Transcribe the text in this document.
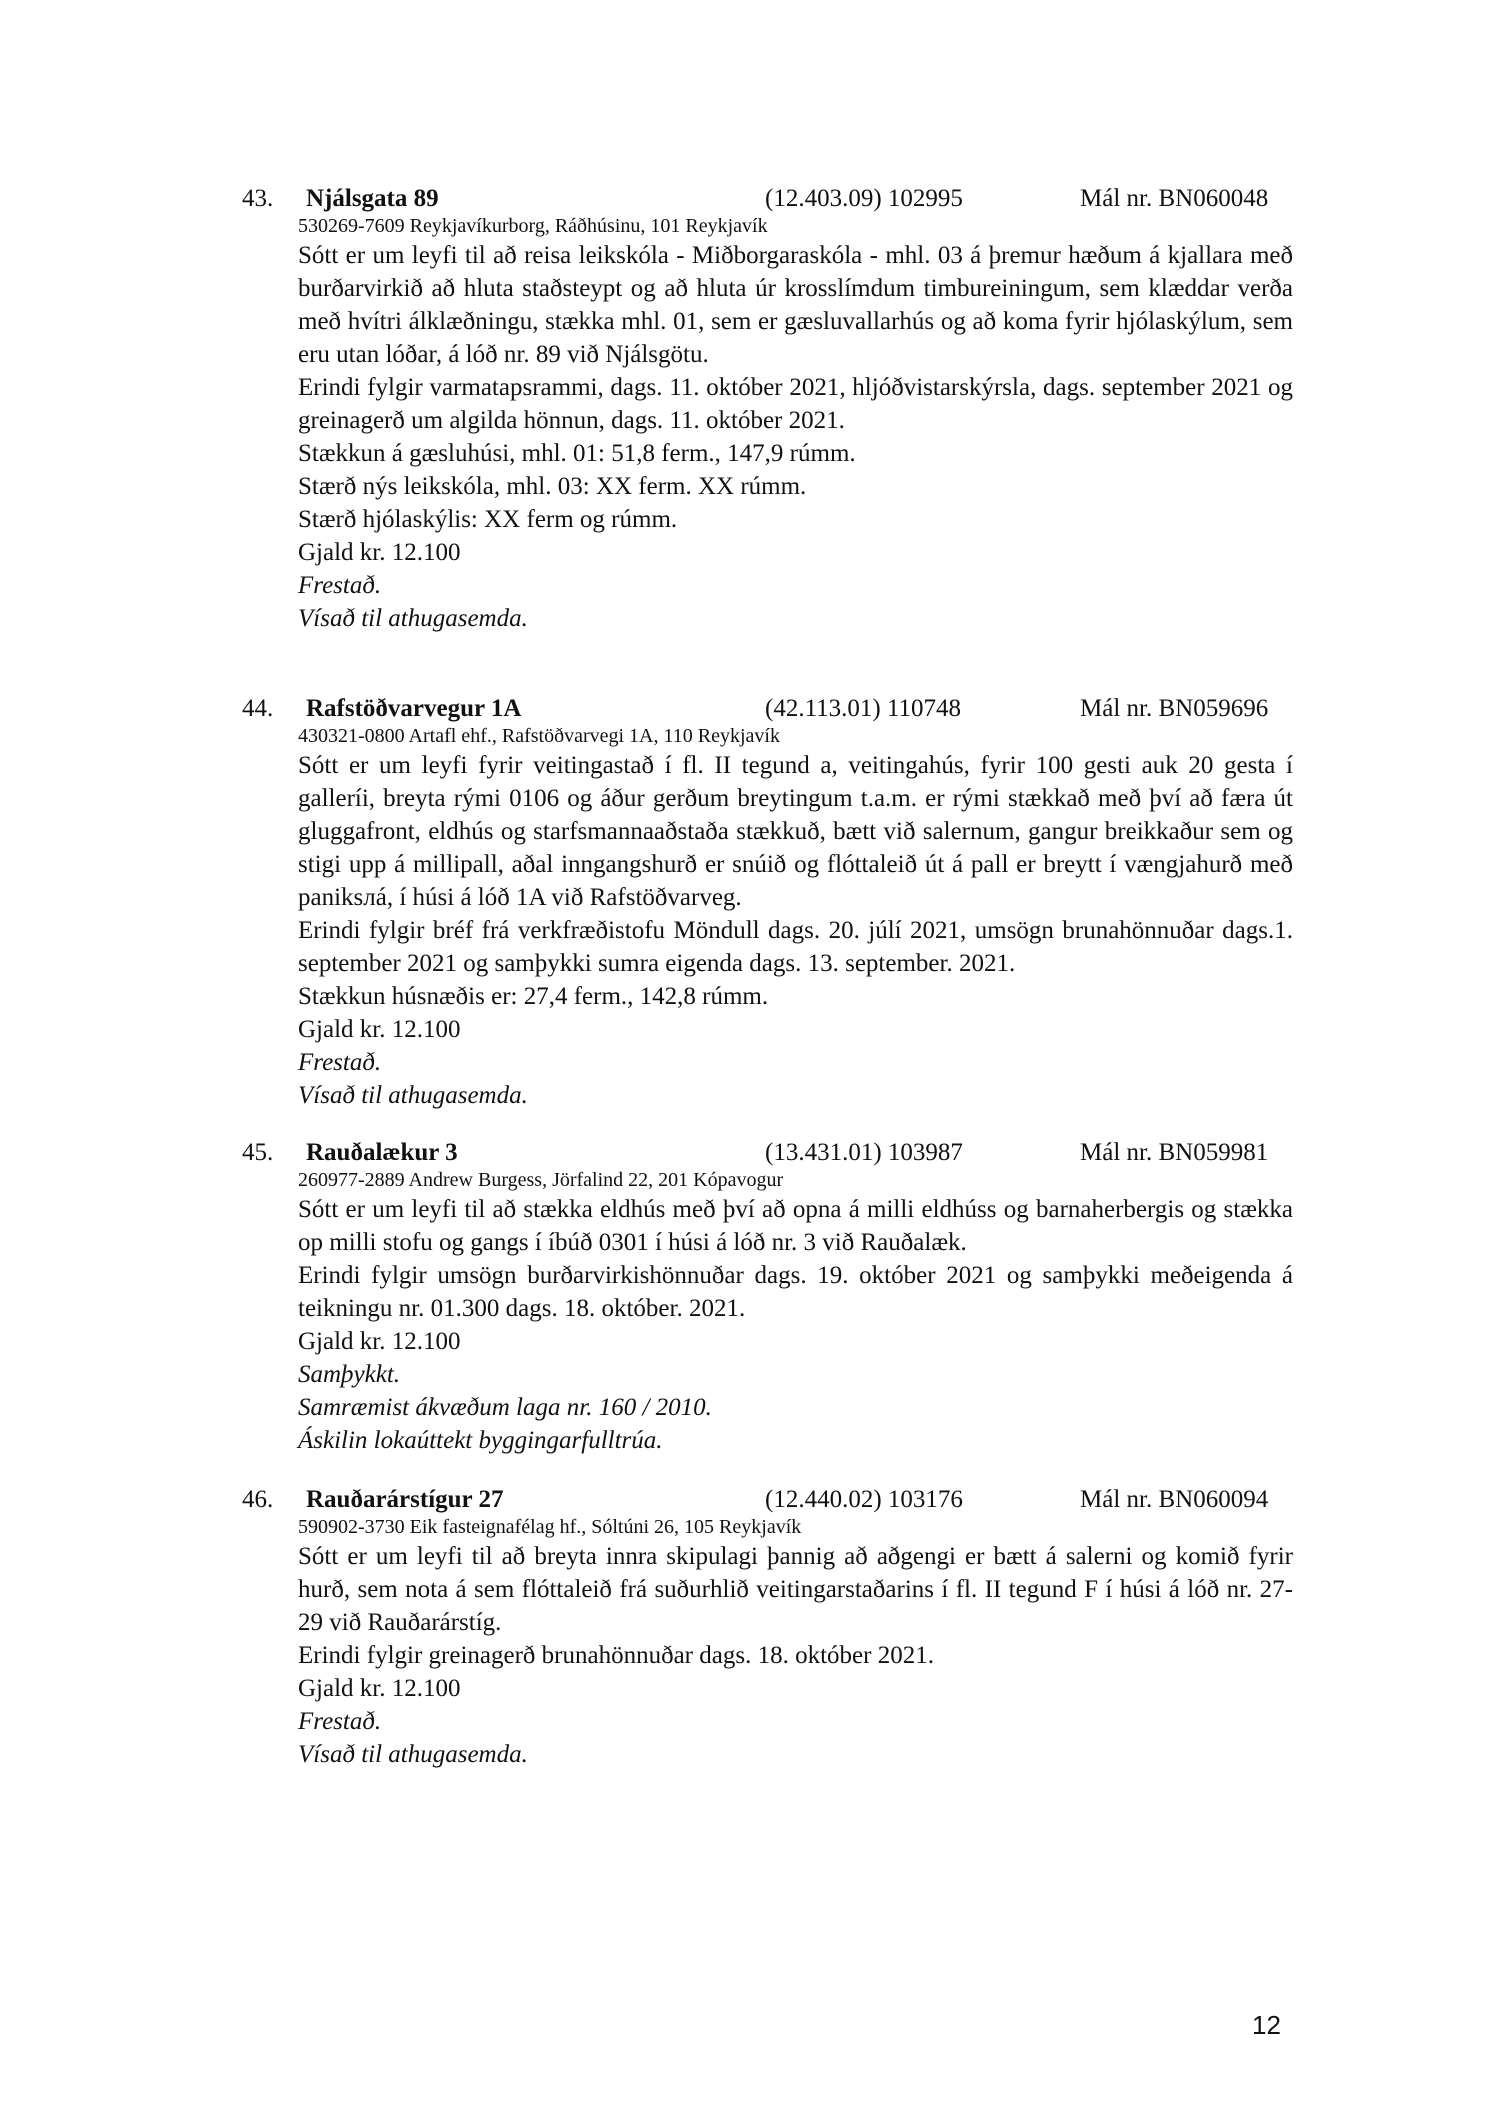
43. Njálsgata 89	(12.403.09) 102995	Mál nr. BN060048

530269-7609 Reykjavíkurborg, Ráðhúsinu, 101 Reykjavík

Sótt er um leyfi til að reisa leikskóla - Miðborgaraskóla - mhl. 03 á þremur hæðum á kjallara með burðarvirkið að hluta staðsteypt og að hluta úr krosslímdum timbureiningum, sem klæddar verða með hvítri álklæðningu, stækka mhl. 01, sem er gæsluvallarhús og að koma fyrir hjólaskýlum, sem eru utan lóðar, á lóð nr. 89 við Njálsgötu.

Erindi fylgir varmatapsrammi, dags. 11. október 2021, hljóðvistarskýrsla, dags. september 2021 og greinagerð um algilda hönnun, dags. 11. október 2021.

Stækkun á gæsluhúsi, mhl. 01: 51,8 ferm., 147,9 rúmm.

Stærð nýs leikskóla, mhl. 03: XX ferm. XX rúmm.

Stærð hjólaskýlis: XX ferm og rúmm.

Gjald kr. 12.100

Frestað.

Vísað til athugasemda.

44. Rafstöðvarvegur 1A	(42.113.01) 110748	Mál nr. BN059696

430321-0800 Artafl ehf., Rafstöðvarvegi 1A, 110 Reykjavík

Sótt er um leyfi fyrir veitingastað í fl. II tegund a, veitingahús, fyrir 100 gesti auk 20 gesta í galleríi, breyta rými 0106 og áður gerðum breytingum t.a.m. er rými stækkað með því að færa út gluggafront, eldhús og starfsmannaaðstaða stækkuð, bætt við salernum, gangur breikkaður sem og stigi upp á millipall, aðal inngangshurð er snúið og flóttaleið út á pall er breytt í vængjahurð með paniksлá, í húsi á lóð 1A við Rafstöðvarveg.

Erindi fylgir bréf frá verkfræðistofu Möndull dags. 20. júlí 2021, umsögn brunahönnuðar dags.1. september 2021 og samþykki sumra eigenda dags. 13. september. 2021.

Stækkun húsnæðis er: 27,4 ferm., 142,8 rúmm.

Gjald kr. 12.100

Frestað.

Vísað til athugasemda.

45. Rauðalækur 3	(13.431.01) 103987	Mál nr. BN059981

260977-2889 Andrew Burgess, Jörfalind 22, 201 Kópavogur

Sótt er um leyfi til að stækka eldhús með því að opna á milli eldhúss og barnaherbergis og stækka op milli stofu og gangs í íbúð 0301 í húsi á lóð nr. 3 við Rauðalæk.

Erindi fylgir umsögn burðarvirkishönnuðar dags. 19. október 2021 og samþykki meðeigenda á teikningu nr. 01.300 dags. 18. október. 2021.

Gjald kr. 12.100

Samþykkt.

Samræmist ákvæðum laga nr. 160 / 2010.

Áskilin lokaúttekt byggingarfulltrúa.

46. Rauðarárstígur 27	(12.440.02) 103176	Mál nr. BN060094

590902-3730 Eik fasteignafélag hf., Sóltúni 26, 105 Reykjavík

Sótt er um leyfi til að breyta innra skipulagi þannig að aðgengi er bætt á salerni og komið fyrir hurð, sem nota á sem flóttaleið frá suðurhlið veitingarstaðarins í fl. II tegund F í húsi á lóð nr. 27- 29 við Rauðarárstíg.

Erindi fylgir greinagerð brunahönnuðar dags. 18. október 2021.

Gjald kr. 12.100

Frestað.

Vísað til athugasemda.

12
